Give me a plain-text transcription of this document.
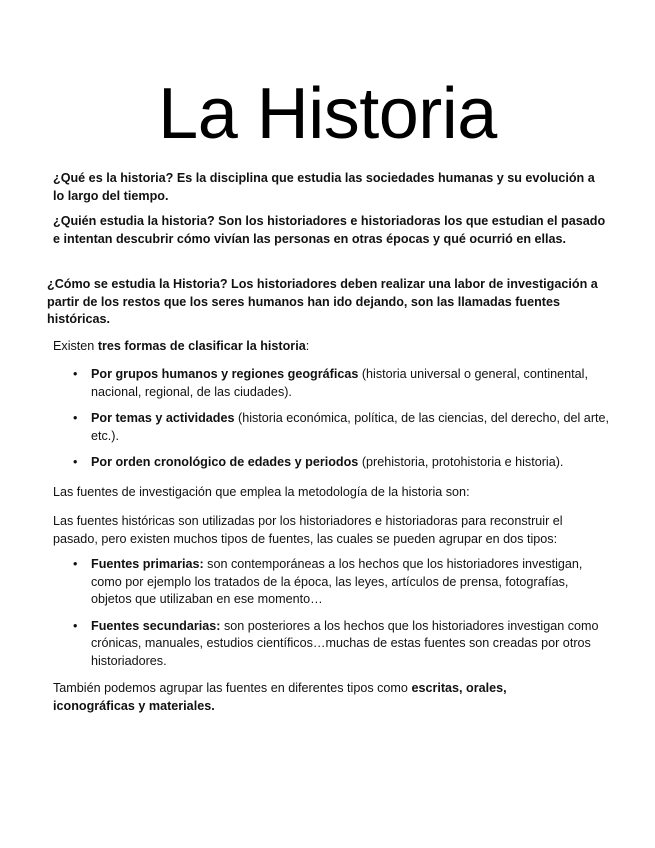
La Historia

¿Qué es la historia? Es la disciplina que estudia las sociedades humanas y su evolución a lo largo del tiempo.

¿Quién estudia la historia? Son los historiadores e historiadoras los que estudian el pasado e intentan descubrir cómo vivían las personas en otras épocas y qué ocurrió en ellas.

¿Cómo se estudia la Historia? Los historiadores deben realizar una labor de investigación a partir de los restos que los seres humanos han ido dejando, son las llamadas fuentes históricas.

Existen tres formas de clasificar la historia:

• Por grupos humanos y regiones geográficas (historia universal o general, continental, nacional, regional, de las ciudades).
• Por temas y actividades (historia económica, política, de las ciencias, del derecho, del arte, etc.).
• Por orden cronológico de edades y periodos (prehistoria, protohistoria e historia).

Las fuentes de investigación que emplea la metodología de la historia son:

Las fuentes históricas son utilizadas por los historiadores e historiadoras para reconstruir el pasado, pero existen muchos tipos de fuentes, las cuales se pueden agrupar en dos tipos:

• Fuentes primarias: son contemporáneas a los hechos que los historiadores investigan, como por ejemplo los tratados de la época, las leyes, artículos de prensa, fotografías, objetos que utilizaban en ese momento…
• Fuentes secundarias: son posteriores a los hechos que los historiadores investigan como crónicas, manuales, estudios científicos…muchas de estas fuentes son creadas por otros historiadores.

También podemos agrupar las fuentes en diferentes tipos como escritas, orales, iconográficas y materiales.
